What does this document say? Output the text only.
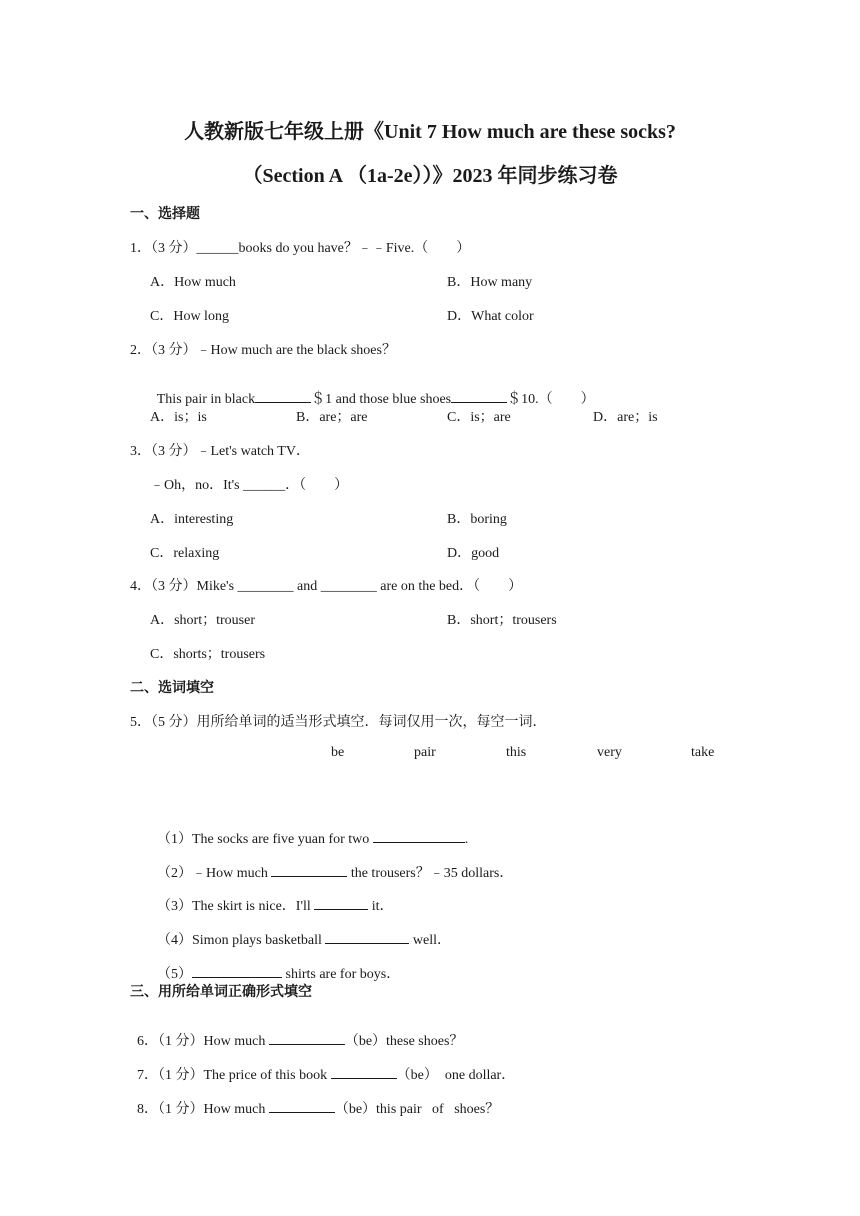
人教新版七年级上册《Unit 7 How much are these socks?
（Section A （1a-2e））》2023 年同步练习卷
一、选择题
1．（3 分）______books do you have？﹣﹣Five.（　　）
A．How much	B．How many
C．How long	D．What color
2．（3 分）﹣How much are the black shoes？

This pair in black	＄1 and those blue shoes	＄10.（　　）

A．is；is	B．are；are	C．is；are	D．are；is
3．（3 分）﹣Let's watch TV．
﹣Oh，no．It's ______．（　　）
A．interesting	B．boring
C．relaxing	D．good
4．（3 分）Mike's ________ and ________ are on the bed．（　　）
A．short；trouser	B．short；trousers
C．shorts；trousers
二、选词填空
5．（5 分）用所给单词的适当形式填空．每词仅用一次，每空一词．
be	pair	this	very	take

（1）The socks are five yuan for two	.

（2）﹣How much	the trousers？﹣35 dollars．

（3）The skirt is nice．I'll	it．

（4）Simon plays basketball	well．

（5）	shirts are for boys．

三、用所给单词正确形式填空

6．（1 分）How much	（be）these shoes？

7．（1 分）The price of this book	（be）  one dollar．

8．（1 分）How much	（be）this pair   of   shoes？
